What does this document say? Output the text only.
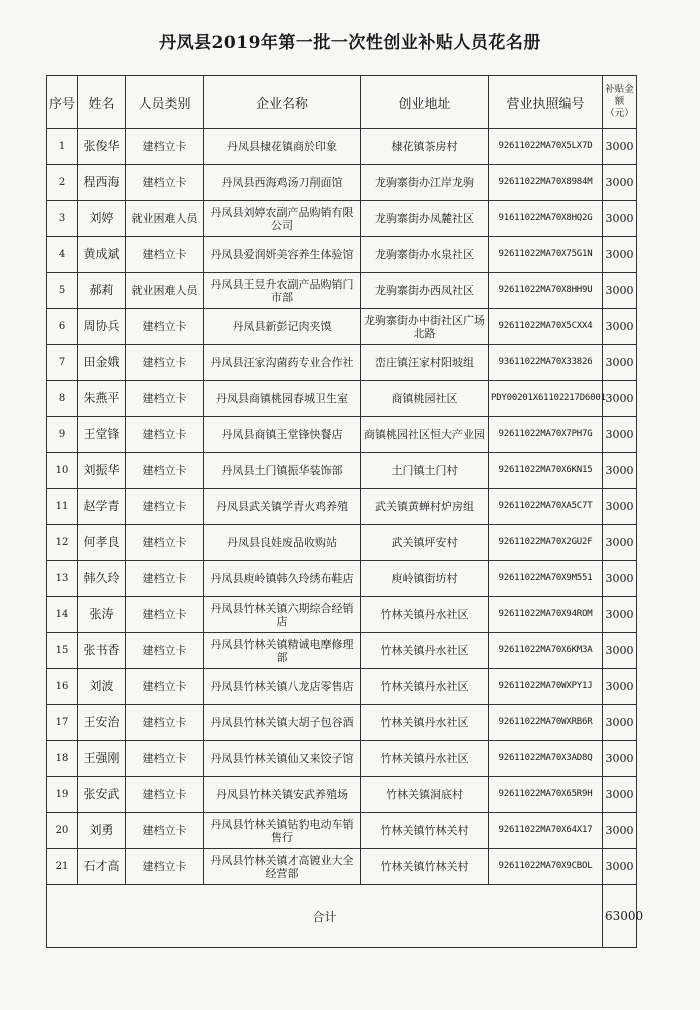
丹凤县2019年第一批一次性创业补贴人员花名册
序号	姓名	人员类别	企业名称	创业地址	营业执照编号	补贴金额（元）
1	张俊华	建档立卡	丹凤县棣花镇商於印象	棣花镇茶房村	92611022MA70X5LX7D	3000
2	程西海	建档立卡	丹凤县西海鸡汤刀削面馆	龙驹寨街办江岸龙驹	92611022MA70X8984M	3000
3	刘婷	就业困难人员	丹凤县刘婷农副产品购销有限公司	龙驹寨街办凤麓社区	91611022MA70X8HQ2G	3000
4	黄成斌	建档立卡	丹凤县爱润妍美容养生体验馆	龙驹寨街办水泉社区	92611022MA70X75G1N	3000
5	郝莉	就业困难人员	丹凤县王昱升农副产品购销门市部	龙驹寨街办西凤社区	92611022MA70X8HH9U	3000
6	周协兵	建档立卡	丹凤县新彭记肉夹馍	龙驹寨街办中街社区广场北路	92611022MA70X5CXX4	3000
7	田金娥	建档立卡	丹凤县汪家沟菌药专业合作社	峦庄镇汪家村阳坡组	93611022MA70X33826	3000
8	朱燕平	建档立卡	丹凤县商镇桃园春城卫生室	商镇桃园社区	PDY00201X61102217D6001	3000
9	王堂锋	建档立卡	丹凤县商镇王堂锋快餐店	商镇桃园社区恒大产业园	92611022MA70X7PH7G	3000
10	刘振华	建档立卡	丹凤县土门镇振华装饰部	土门镇土门村	92611022MA70X6KN15	3000
11	赵学青	建档立卡	丹凤县武关镇学青火鸡养殖	武关镇黄蝉村炉房组	92611022MA70XA5C7T	3000
12	何孝良	建档立卡	丹凤县良娃废品收购站	武关镇坪安村	92611022MA70X2GU2F	3000
13	韩久玲	建档立卡	丹凤县庾岭镇韩久玲绣布鞋店	庾岭镇街坊村	92611022MA70X9M551	3000
14	张涛	建档立卡	丹凤县竹林关镇六期综合经销店	竹林关镇丹水社区	92611022MA70X94ROM	3000
15	张书香	建档立卡	丹凤县竹林关镇精诚电摩修理部	竹林关镇丹水社区	92611022MA70X6KM3A	3000
16	刘波	建档立卡	丹凤县竹林关镇八龙店零售店	竹林关镇丹水社区	92611022MA70WXPY1J	3000
17	王安治	建档立卡	丹凤县竹林关镇大胡子包谷酒	竹林关镇丹水社区	92611022MA70WXRB6R	3000
18	王强刚	建档立卡	丹凤县竹林关镇仙又来饺子馆	竹林关镇丹水社区	92611022MA70X3AD8Q	3000
19	张安武	建档立卡	丹凤县竹林关镇安武养殖场	竹林关镇洞底村	92611022MA70X65R9H	3000
20	刘勇	建档立卡	丹凤县竹林关镇钻豹电动车销售行	竹林关镇竹林关村	92611022MA70X64X17	3000
21	石才高	建档立卡	丹凤县竹林关镇才高镀业大全经营部	竹林关镇竹林关村	92611022MA70X9CBOL	3000
合计						63000
